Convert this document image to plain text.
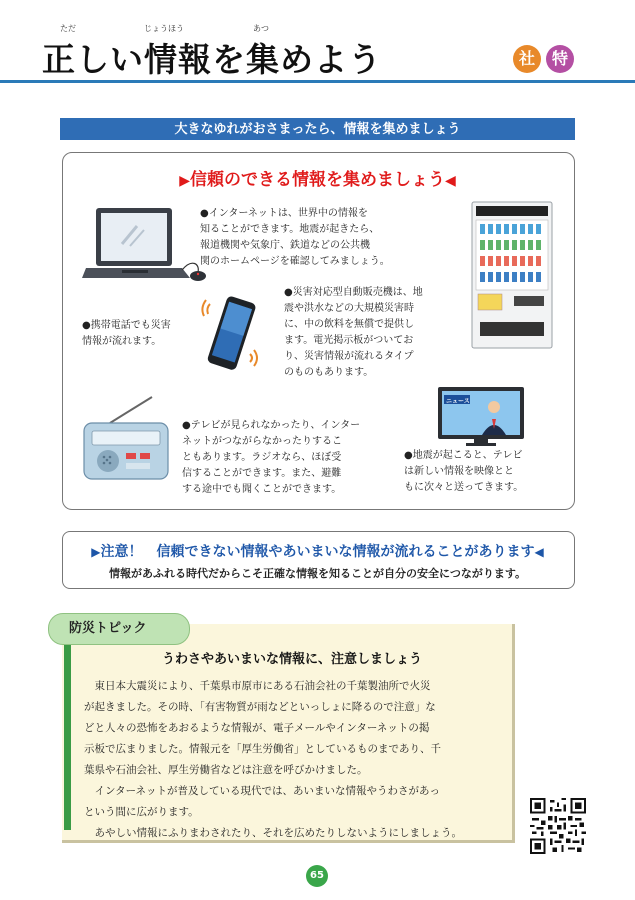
ただ	じょうほう	あつ
正しい情報を集めよう	社	特
大きなゆれがおさまったら、情報を集めましょう
▶信頼のできる情報を集めましょう◀
●インターネットは、世界中の情報を
知ることができます。地震が起きたら、
報道機関や気象庁、鉄道などの公共機
関のホームページを確認してみましょう。
●携帯電話でも災害
情報が流れます。
●災害対応型自動販売機は、地
震や洪水などの大規模災害時
に、中の飲料を無償で提供し
ます。電光掲示板がついてお
り、災害情報が流れるタイプ
のものもあります。
●テレビが見られなかったり、インター
ネットがつながらなかったりするこ
ともあります。ラジオなら、ほぼ受
信することができます。また、避難
する途中でも聞くことができます。
ニュース
●地震が起こると、テレビ
は新しい情報を映像とと
もに次々と送ってきます。
▶注意！　信頼できない情報やあいまいな情報が流れることがあります◀
情報があふれる時代だからこそ正確な情報を知ることが自分の安全につながります。
防災トピック
うわさやあいまいな情報に、注意しましょう

　東日本大震災により、千葉県市原市にある石油会社の千葉製油所で火災
が起きました。その時、「有害物質が雨などといっしょに降るので注意」な
どと人々の恐怖をあおるような情報が、電子メールやインターネットの掲
示板で広まりました。情報元を「厚生労働省」としているものまであり、千
葉県や石油会社、厚生労働省などは注意を呼びかけました。

　インターネットが普及している現代では、あいまいな情報やうわさがあっ
という間に広がります。

　あやしい情報にふりまわされたり、それを広めたりしないようにしましょう。

65
